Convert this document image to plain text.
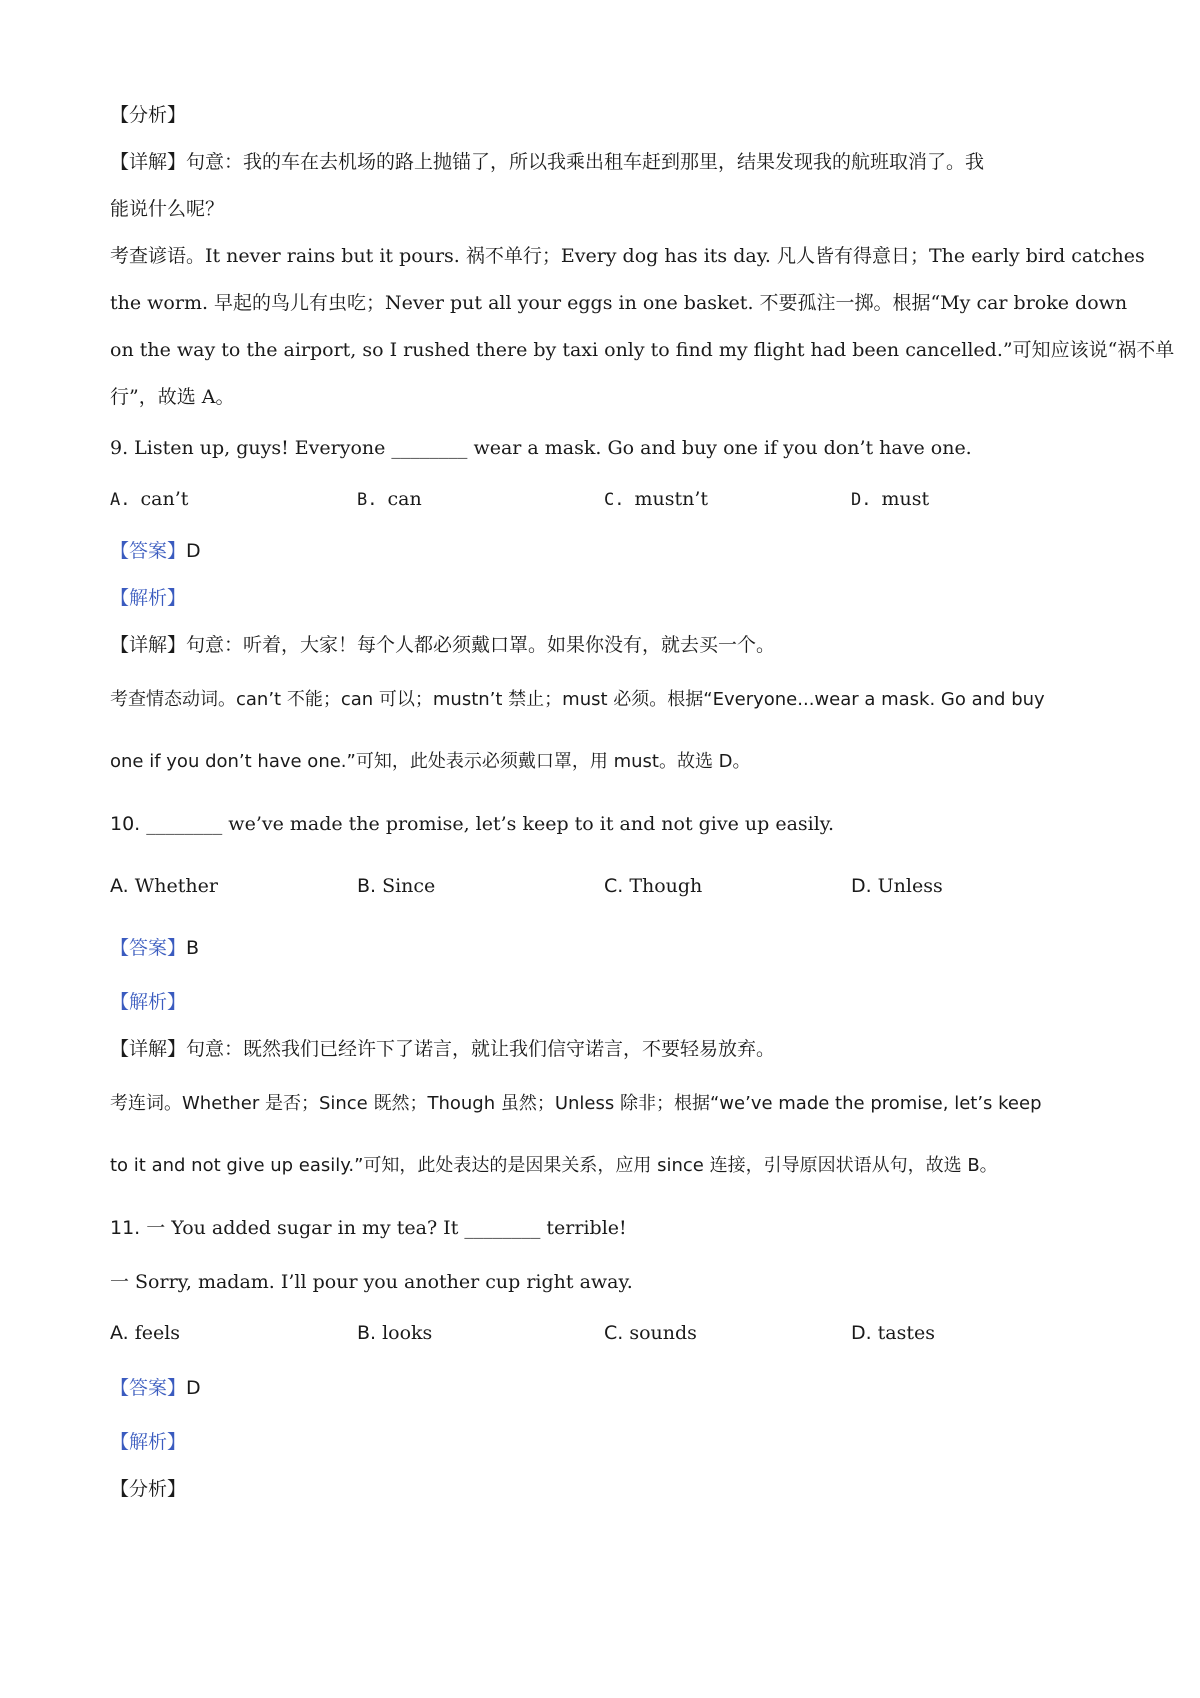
【分析】
【详解】句意：我的车在去机场的路上抛锚了，所以我乘出租车赶到那里，结果发现我的航班取消了。我
能说什么呢？
考查谚语。It never rains but it pours. 祸不单行；Every dog has its day. 凡人皆有得意日；The early bird catches
the worm. 早起的鸟儿有虫吃；Never put all your eggs in one basket. 不要孤注一掷。根据“My car broke down
on the way to the airport, so I rushed there by taxi only to find my flight had been cancelled.”可知应该说“祸不单
行”，故选 A。
9. Listen up, guys! Everyone ________ wear a mask. Go and buy one if you don’t have one.
A. can’t	B. can	C. mustn’t	D. must
【答案】D
【解析】
【详解】句意：听着，大家！每个人都必须戴口罩。如果你没有，就去买一个。
考查情态动词。can’t 不能；can 可以；mustn’t 禁止；must 必须。根据“Everyone...wear a mask. Go and buy
one if you don’t have one.”可知，此处表示必须戴口罩，用 must。故选 D。
10. ________ we’ve made the promise, let’s keep to it and not give up easily.
A. Whether	B. Since	C. Though	D. Unless
【答案】B
【解析】
【详解】句意：既然我们已经许下了诺言，就让我们信守诺言，不要轻易放弃。
考连词。Whether 是否；Since 既然；Though 虽然；Unless 除非；根据“we’ve made the promise, let’s keep
to it and not give up easily.”可知，此处表达的是因果关系，应用 since 连接，引导原因状语从句，故选 B。
11. 一 You added sugar in my tea? It ________ terrible!
一 Sorry, madam. I’ll pour you another cup right away.
A. feels	B. looks	C. sounds	D. tastes
【答案】D
【解析】
【分析】
